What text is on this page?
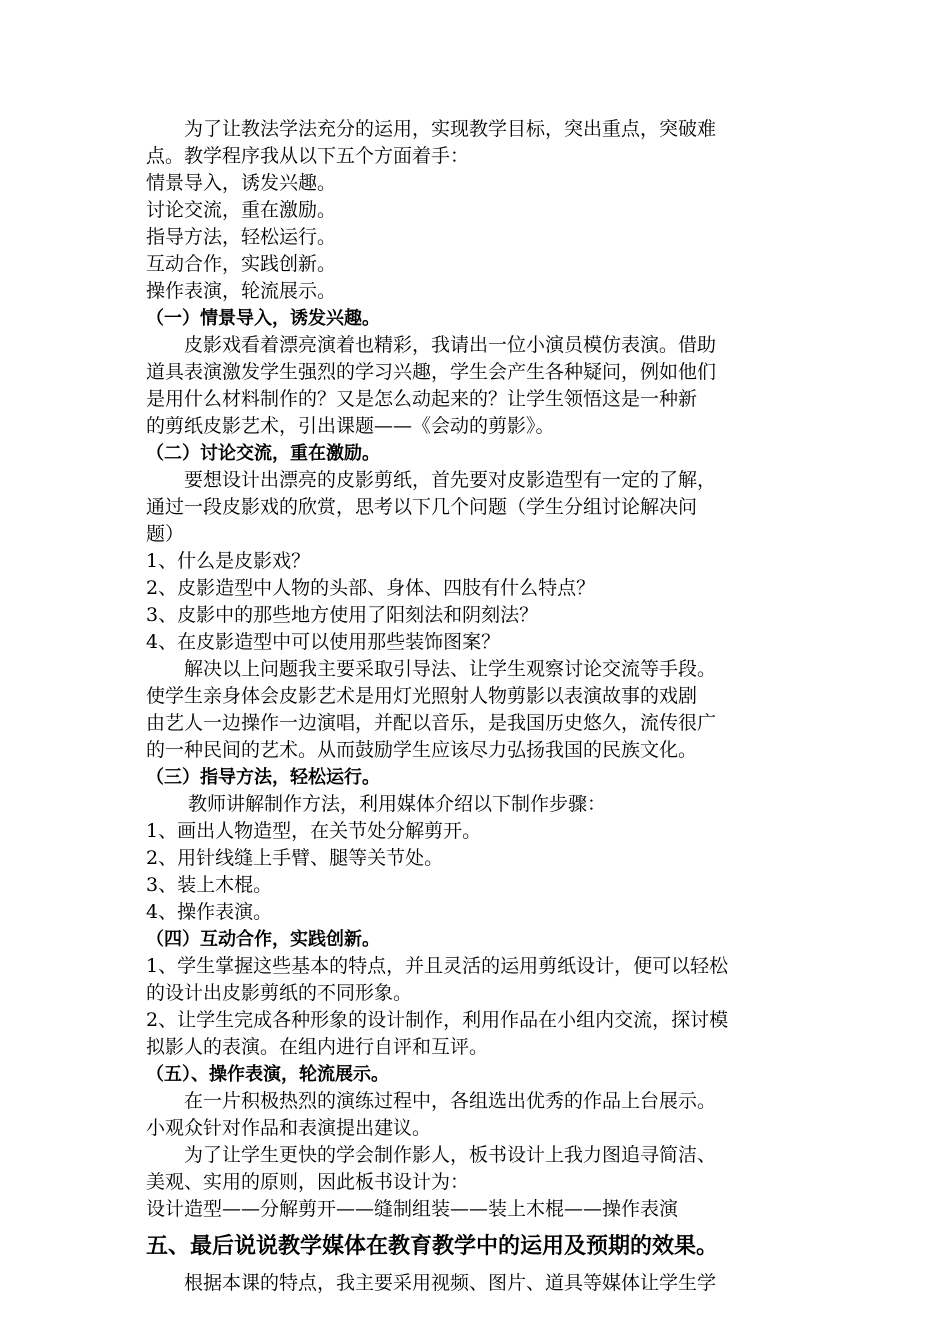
为了让教法学法充分的运用，实现教学目标，突出重点，突破难
点。教学程序我从以下五个方面着手：
情景导入，诱发兴趣。
讨论交流，重在激励。
指导方法，轻松运行。
互动合作，实践创新。
操作表演，轮流展示。
（一）情景导入，诱发兴趣。
皮影戏看着漂亮演着也精彩，我请出一位小演员模仿表演。借助
道具表演激发学生强烈的学习兴趣，学生会产生各种疑问，例如他们
是用什么材料制作的？又是怎么动起来的？让学生领悟这是一种新
的剪纸皮影艺术，引出课题——《会动的剪影》。
（二）讨论交流，重在激励。
要想设计出漂亮的皮影剪纸，首先要对皮影造型有一定的了解，
通过一段皮影戏的欣赏，思考以下几个问题（学生分组讨论解决问
题）
1、什么是皮影戏？
2、皮影造型中人物的头部、身体、四肢有什么特点？
3、皮影中的那些地方使用了阳刻法和阴刻法？
4、在皮影造型中可以使用那些装饰图案？
解决以上问题我主要采取引导法、让学生观察讨论交流等手段。
使学生亲身体会皮影艺术是用灯光照射人物剪影以表演故事的戏剧
由艺人一边操作一边演唱，并配以音乐，是我国历史悠久，流传很广
的一种民间的艺术。从而鼓励学生应该尽力弘扬我国的民族文化。
（三）指导方法，轻松运行。
教师讲解制作方法，利用媒体介绍以下制作步骤：
1、画出人物造型，在关节处分解剪开。
2、用针线缝上手臂、腿等关节处。
3、装上木棍。
4、操作表演。
（四）互动合作，实践创新。
1、学生掌握这些基本的特点，并且灵活的运用剪纸设计，便可以轻松
的设计出皮影剪纸的不同形象。
2、让学生完成各种形象的设计制作，利用作品在小组内交流，探讨模
拟影人的表演。在组内进行自评和互评。
（五）、操作表演，轮流展示。
在一片积极热烈的演练过程中，各组选出优秀的作品上台展示。
小观众针对作品和表演提出建议。
为了让学生更快的学会制作影人，板书设计上我力图追寻简洁、
美观、实用的原则，因此板书设计为：
设计造型——分解剪开——缝制组装——装上木棍——操作表演
五、最后说说教学媒体在教育教学中的运用及预期的效果。
根据本课的特点，我主要采用视频、图片、道具等媒体让学生学
